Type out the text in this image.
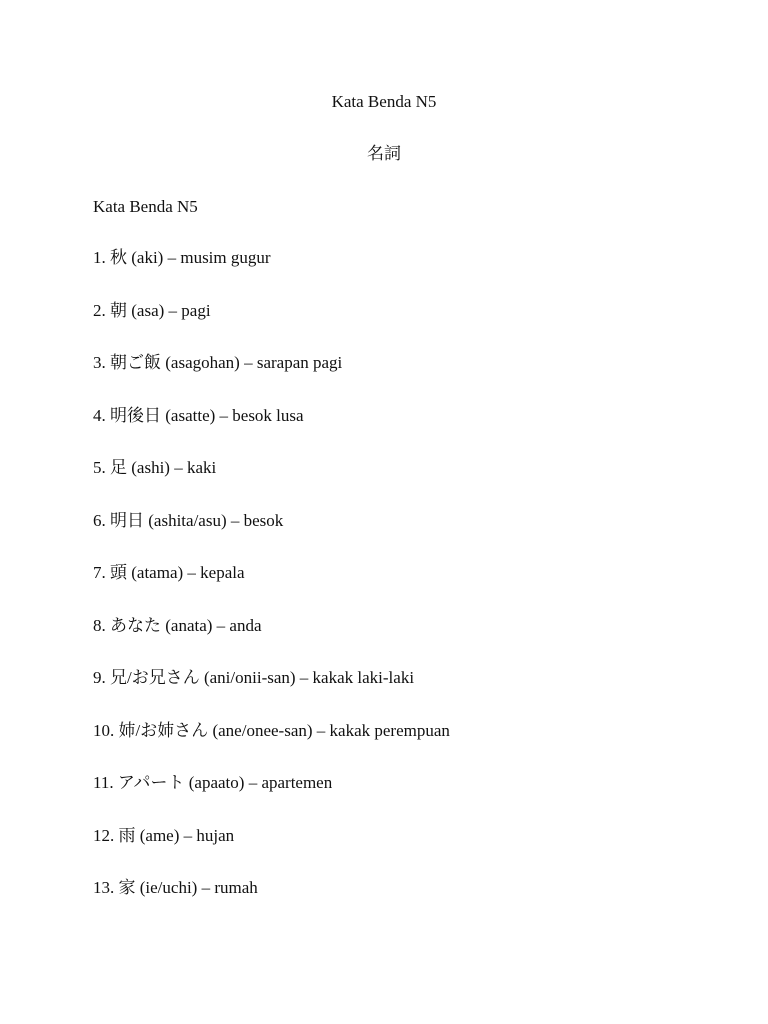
Kata Benda N5
名詞
Kata Benda N5
1. 秋 (aki) – musim gugur
2. 朝 (asa) – pagi
3. 朝ご飯 (asagohan) – sarapan pagi
4. 明後日 (asatte) – besok lusa
5. 足 (ashi) – kaki
6. 明日 (ashita/asu) – besok
7. 頭 (atama) – kepala
8. あなた (anata) – anda
9. 兄/お兄さん (ani/onii-san) – kakak laki-laki
10. 姉/お姉さん (ane/onee-san) – kakak perempuan
11. アパート (apaato) – apartemen
12. 雨 (ame) – hujan
13. 家 (ie/uchi) – rumah
